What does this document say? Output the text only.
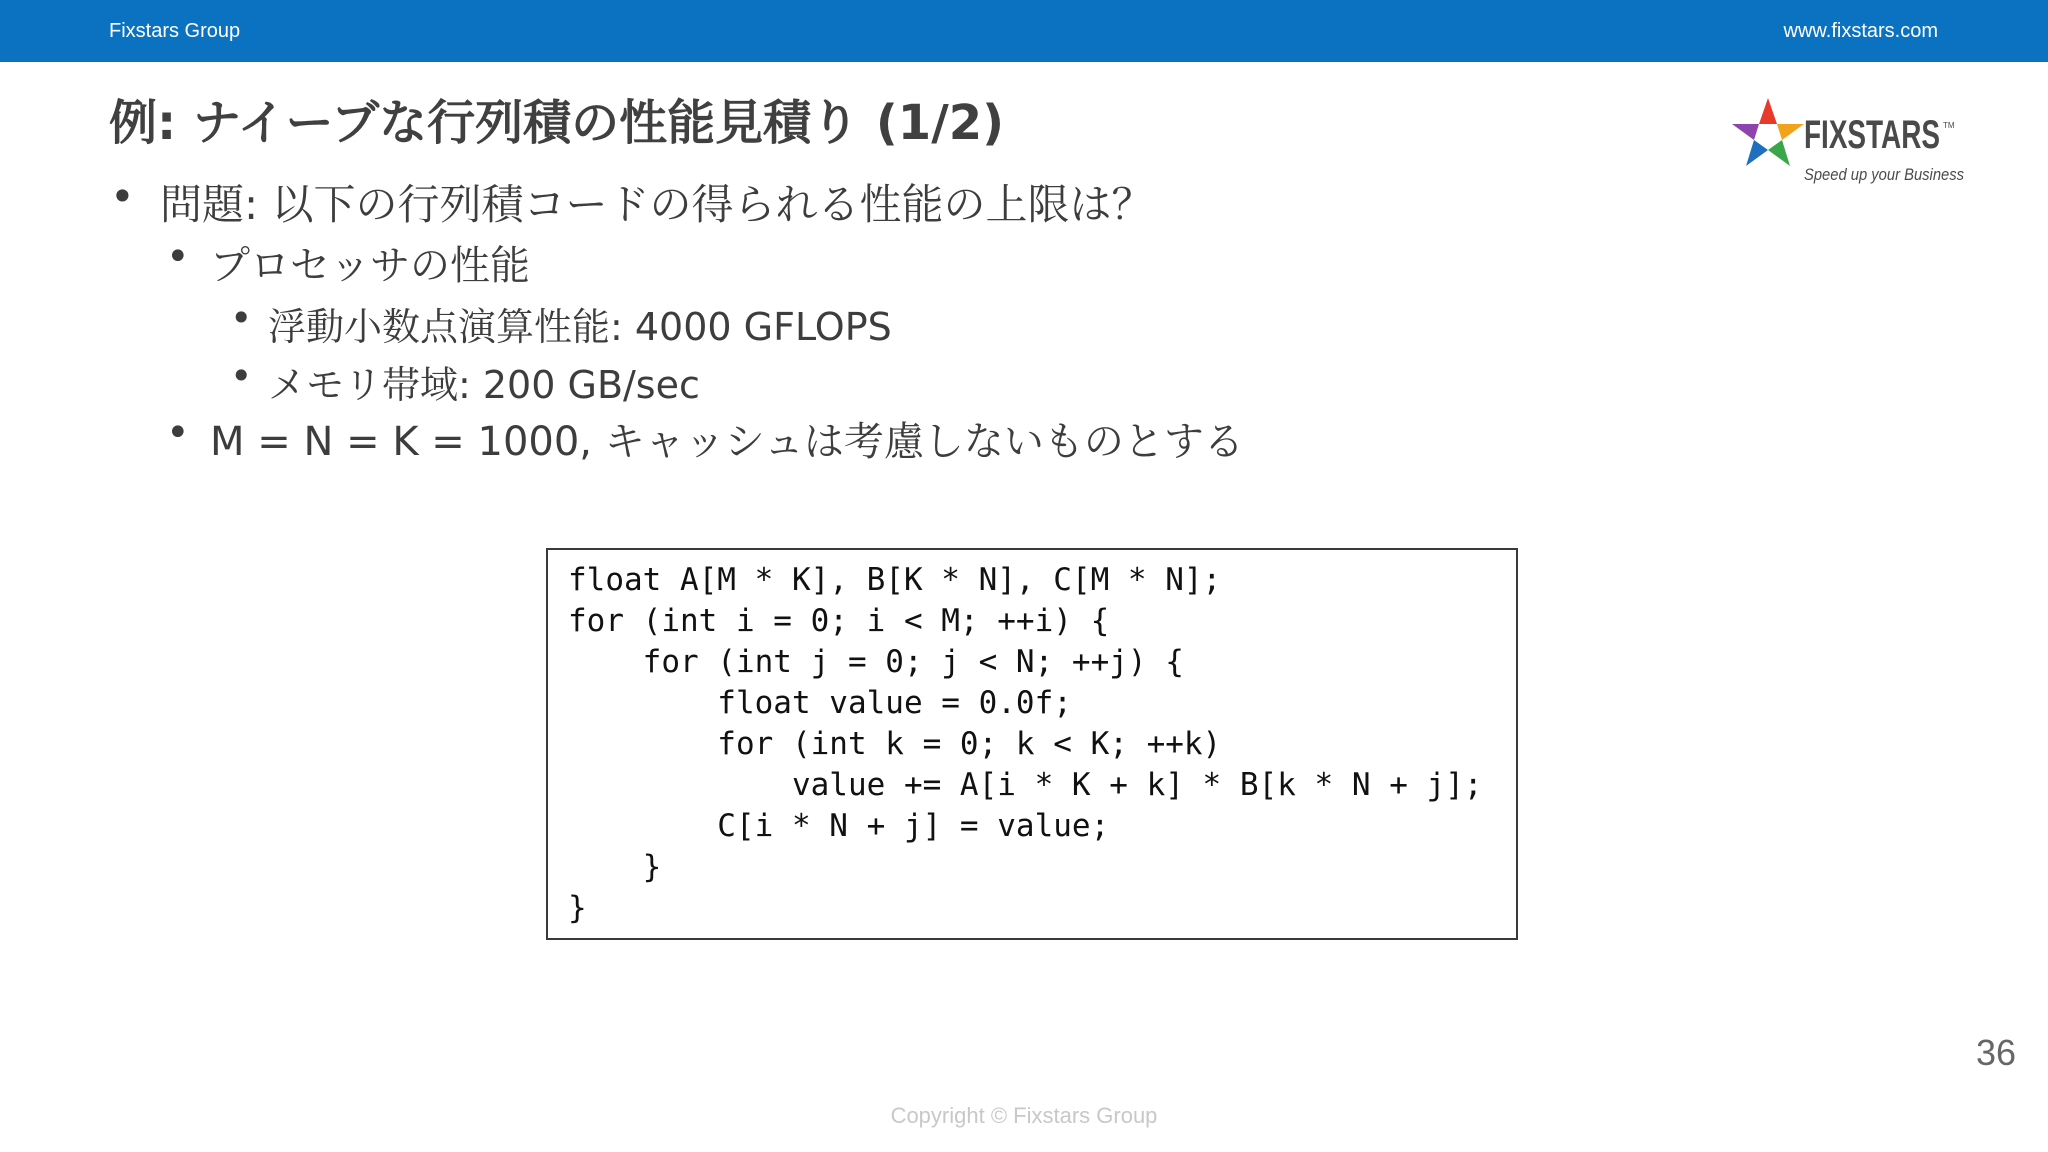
Fixstars Group	www.fixstars.com
例: ナイーブな行列積の性能見積り (1/2)	FIXSTARS TM
Speed up your Business
• 問題: 以下の行列積コードの得られる性能の上限は？
• プロセッサの性能
• 浮動小数点演算性能: 4000 GFLOPS
• メモリ帯域: 200 GB/sec
• M = N = K = 1000, キャッシュは考慮しないものとする
float A[M * K], B[K * N], C[M * N];
for (int i = 0; i < M; ++i) {
for (int j = 0; j < N; ++j) {
float value = 0.0f;
for (int k = 0; k < K; ++k)
value += A[i * K + k] * B[k * N + j];
C[i * N + j] = value;
}
}
36
Copyright © Fixstars Group
